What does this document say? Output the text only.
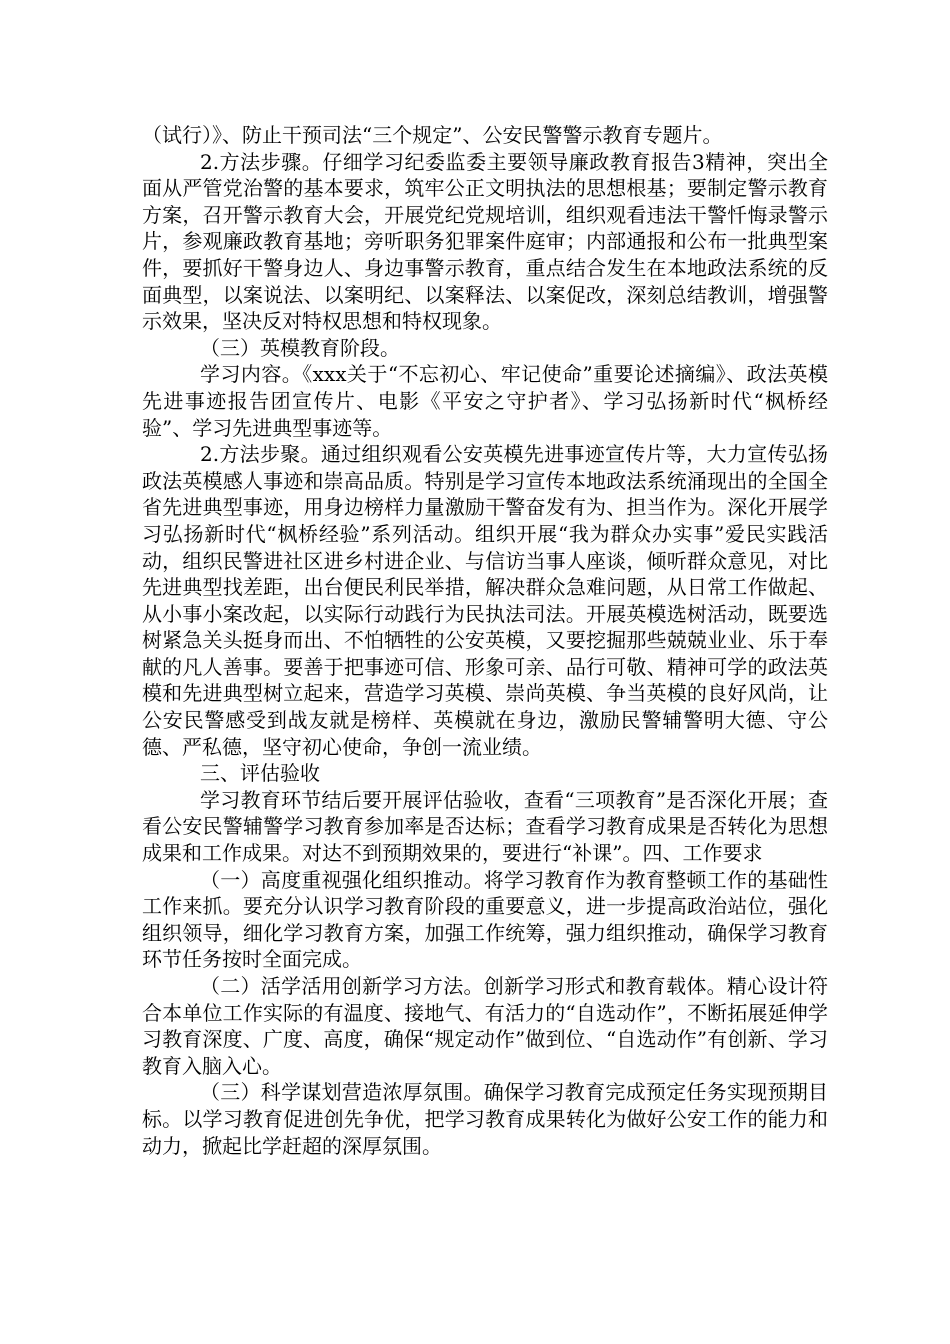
（试行）》、防止干预司法“三个规定”、公安民警警示教育专题片。

2.方法步骤。仔细学习纪委监委主要领导廉政教育报告3精神，突出全面从严管党治警的基本要求，筑牢公正文明执法的思想根基；要制定警示教育方案，召开警示教育大会，开展党纪党规培训，组织观看违法干警忏悔录警示片，参观廉政教育基地；旁听职务犯罪案件庭审；内部通报和公布一批典型案件，要抓好干警身边人、身边事警示教育，重点结合发生在本地政法系统的反面典型，以案说法、以案明纪、以案释法、以案促改，深刻总结教训，增强警示效果，坚决反对特权思想和特权现象。

（三）英模教育阶段。

学习内容。《xxx关于“不忘初心、牢记使命”重要论述摘编》、政法英模先进事迹报告团宣传片、电影《平安之守护者》、学习弘扬新时代“枫桥经验”、学习先进典型事迹等。

2.方法步聚。通过组织观看公安英模先进事迹宣传片等，大力宣传弘扬政法英模感人事迹和崇高品质。特别是学习宣传本地政法系统涌现出的全国全省先进典型事迹，用身边榜样力量激励干警奋发有为、担当作为。深化开展学习弘扬新时代“枫桥经验”系列活动。组织开展“我为群众办实事”爱民实践活动，组织民警进社区进乡村进企业、与信访当事人座谈，倾听群众意见，对比先进典型找差距，出台便民利民举措，解决群众急难问题，从日常工作做起、从小事小案改起，以实际行动践行为民执法司法。开展英模选树活动，既要选树紧急关头挺身而出、不怕牺牲的公安英模，又要挖掘那些兢兢业业、乐于奉献的凡人善事。要善于把事迹可信、形象可亲、品行可敬、精神可学的政法英模和先进典型树立起来，营造学习英模、崇尚英模、争当英模的良好风尚，让公安民警感受到战友就是榜样、英模就在身边，激励民警辅警明大德、守公德、严私德，坚守初心使命，争创一流业绩。

三、评估验收

学习教育环节结后要开展评估验收，查看“三项教育”是否深化开展；查看公安民警辅警学习教育参加率是否达标；查看学习教育成果是否转化为思想成果和工作成果。对达不到预期效果的，要进行“补课”。四、工作要求

（一）高度重视强化组织推动。将学习教育作为教育整顿工作的基础性工作来抓。要充分认识学习教育阶段的重要意义，进一步提高政治站位，强化组织领导，细化学习教育方案，加强工作统筹，强力组织推动，确保学习教育环节任务按时全面完成。

（二）活学活用创新学习方法。创新学习形式和教育载体。精心设计符合本单位工作实际的有温度、接地气、有活力的“自选动作”，不断拓展延伸学习教育深度、广度、高度，确保“规定动作”做到位、“自选动作”有创新、学习教育入脑入心。

（三）科学谋划营造浓厚氛围。确保学习教育完成预定任务实现预期目标。以学习教育促进创先争优，把学习教育成果转化为做好公安工作的能力和动力，掀起比学赶超的深厚氛围。
